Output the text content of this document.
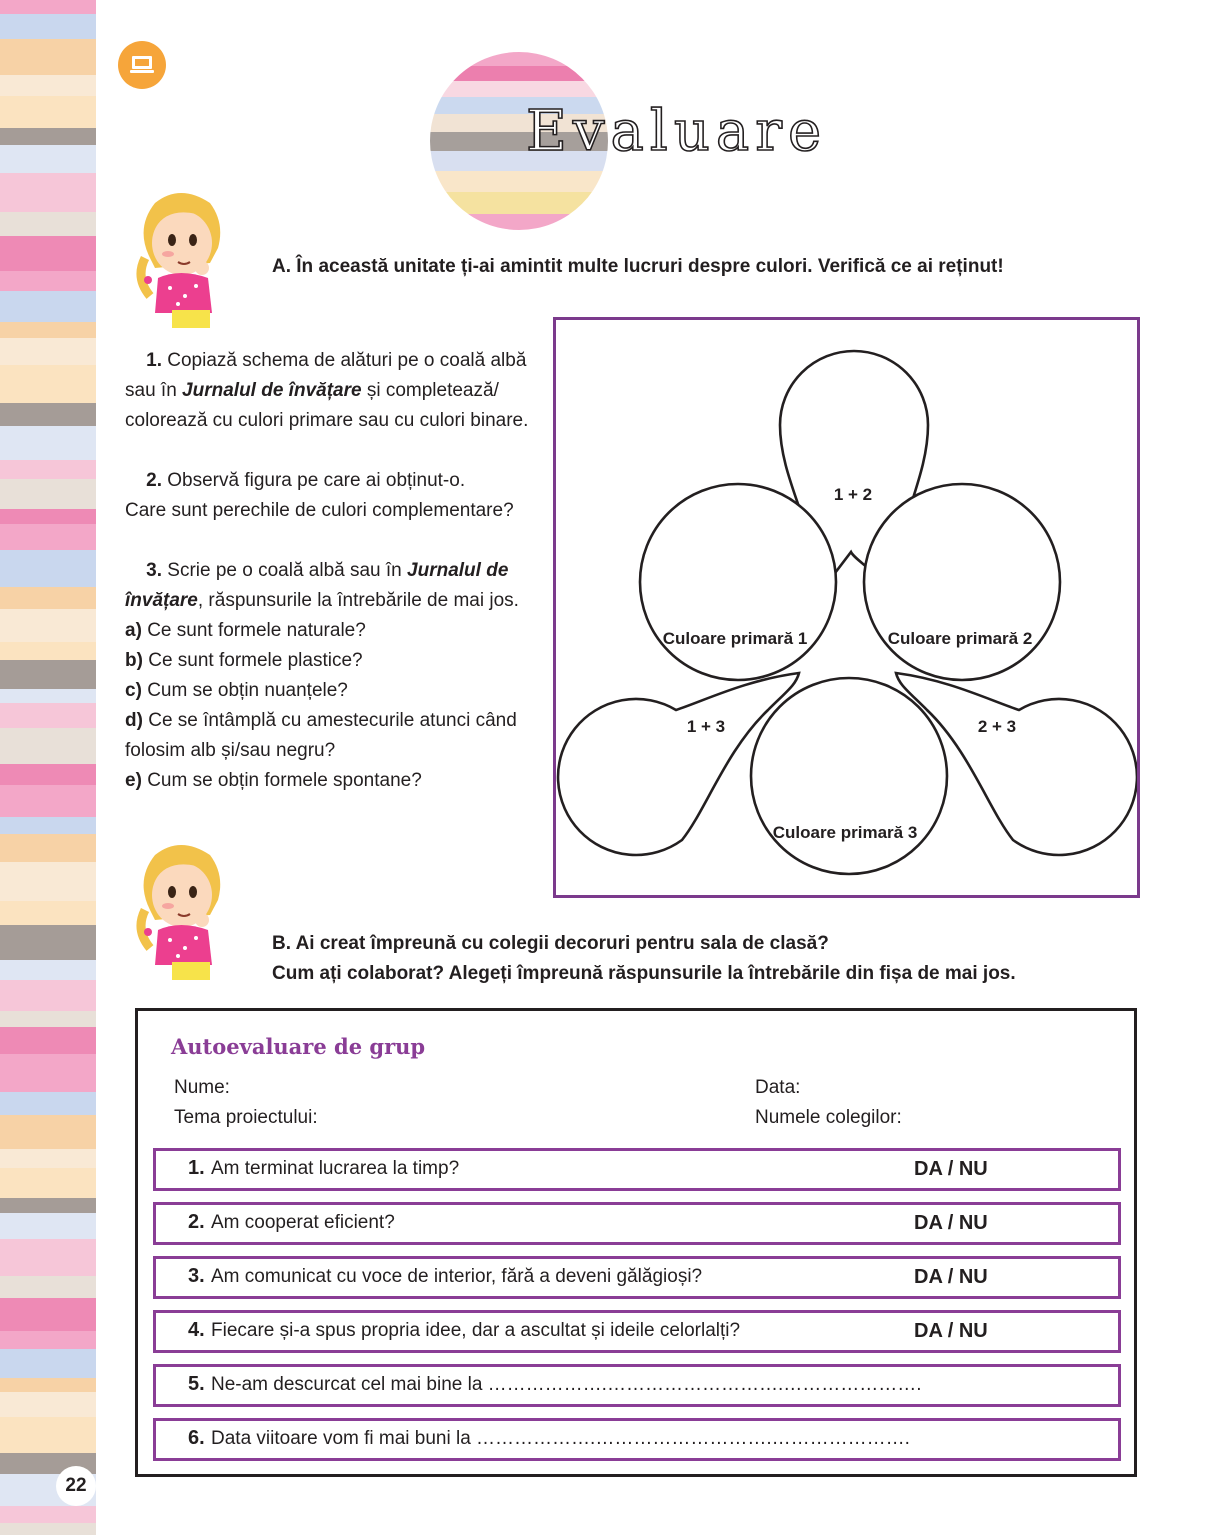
Evaluare
A. În această unitate ți-ai amintit multe lucruri despre culori. Verifică ce ai reținut!

1. Copiază schema de alături pe o coală albă

sau în Jurnalul de învățare și completează/

colorează cu culori primare sau cu culori binare.

2. Observă figura pe care ai obținut-o.

Care sunt perechile de culori complementare?

3. Scrie pe o coală albă sau în Jurnalul de

învățare, răspunsurile la întrebările de mai jos.

a) Ce sunt formele naturale?

b) Ce sunt formele plastice?

c) Cum se obțin nuanțele?

d) Ce se întâmplă cu amestecurile atunci când

folosim alb și/sau negru?

e) Cum se obțin formele spontane?

Culoare primară 1	Culoare primară 2
Culoare primară 3
1 + 2
1 + 3	2 + 3
B. Ai creat împreună cu colegii decoruri pentru sala de clasă?
Cum ați colaborat? Alegeți împreună răspunsurile la întrebările din fișa de mai jos.
Autoevaluare de grup
Nume:	Data:
Tema proiectului:	Numele colegilor:
1. Am terminat lucrarea la timp?	DA / NU
2. Am cooperat eficient?	DA / NU
3. Am comunicat cu voce de interior, fără a deveni gălăgioși?	DA / NU
4. Fiecare și-a spus propria idee, dar a ascultat și ideile celorlalți?	DA / NU
5. Ne-am descurcat cel mai bine la ……………….……………………….………………….
6. Data viitoare vom fi mai buni la ……………….……………………….………………….
22
